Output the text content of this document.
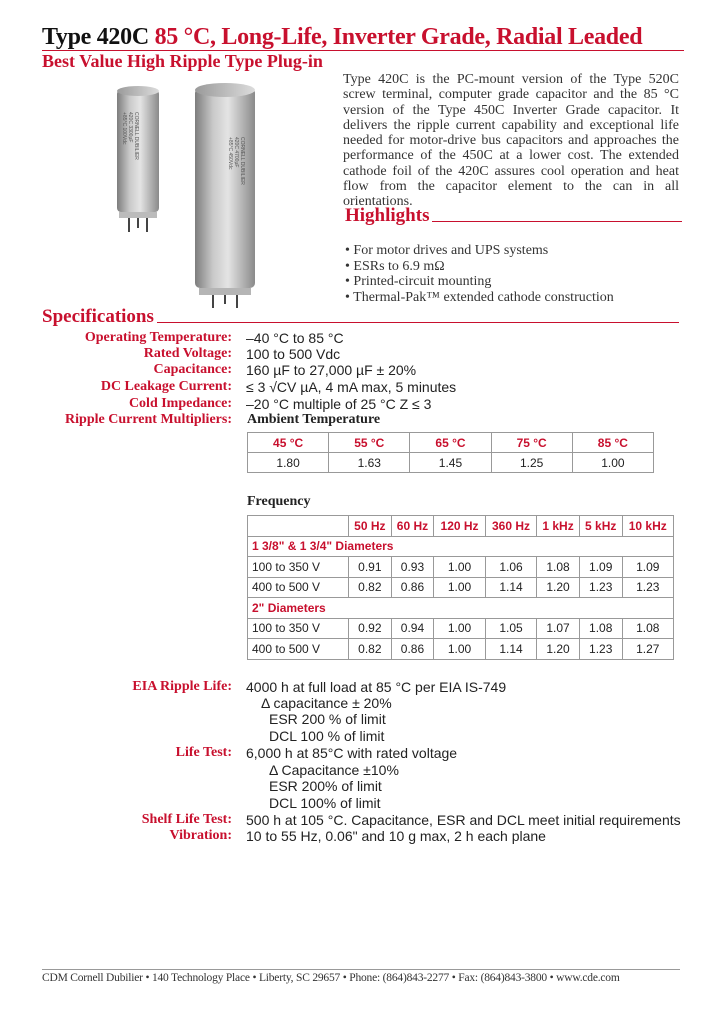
Type 420C 85 °C, Long-Life, Inverter Grade, Radial Leaded
Best Value High Ripple Type Plug-in
CORNELL DUBILIER
420C 3300µF
+85°C 100Vdc
CORNELL DUBILIER
420C 4700µF
+85°C 450Vdc
Type 420C is the PC-mount version of the Type 520C screw terminal, computer grade capacitor and the 85 °C version of the Type 450C Inverter Grade capacitor. It delivers the ripple current capability and exceptional life needed for motor-drive bus capacitors and approaches the performance of the 450C at a lower cost. The extended cathode foil of the 420C assures cool operation and heat flow from the capacitor element to the can in all orientations.
Highlights
• For motor drives and UPS systems
• ESRs to 6.9 mΩ
• Printed-circuit mounting
• Thermal-Pak™ extended cathode construction
Specifications
Operating Temperature: –40 °C to 85 °C
Rated Voltage: 100 to 500 Vdc
Capacitance: 160 µF to 27,000 µF ± 20%
DC Leakage Current: ≤ 3 √CV µA, 4 mA max, 5 minutes
Cold Impedance: –20 °C multiple of 25 °C Z ≤ 3
Ripple Current Multipliers: Ambient Temperature
45 °C	55 °C	65 °C	75 °C	85 °C
1.80	1.63	1.45	1.25	1.00
Frequency
	50 Hz	60 Hz	120 Hz	360 Hz	1 kHz	5 kHz	10 kHz
1 3/8" & 1 3/4" Diameters							
100 to 350 V	0.91	0.93	1.00	1.06	1.08	1.09	1.09
400 to 500 V	0.82	0.86	1.00	1.14	1.20	1.23	1.23
2" Diameters							
100 to 350 V	0.92	0.94	1.00	1.05	1.07	1.08	1.08
400 to 500 V	0.82	0.86	1.00	1.14	1.20	1.23	1.27
EIA Ripple Life: 4000 h at full load at 85 °C per EIA IS-749
Δ capacitance ± 20%
ESR 200 % of limit
DCL 100 % of limit
Life Test: 6,000 h at 85°C with rated voltage
Δ Capacitance ±10%
ESR 200% of limit
DCL 100% of limit
Shelf Life Test: 500 h at 105 °C. Capacitance, ESR and DCL meet initial requirements
Vibration: 10 to 55 Hz, 0.06" and 10 g max, 2 h each plane
CDM Cornell Dubilier • 140 Technology Place • Liberty, SC 29657 • Phone: (864)843-2277 • Fax: (864)843-3800 • www.cde.com
